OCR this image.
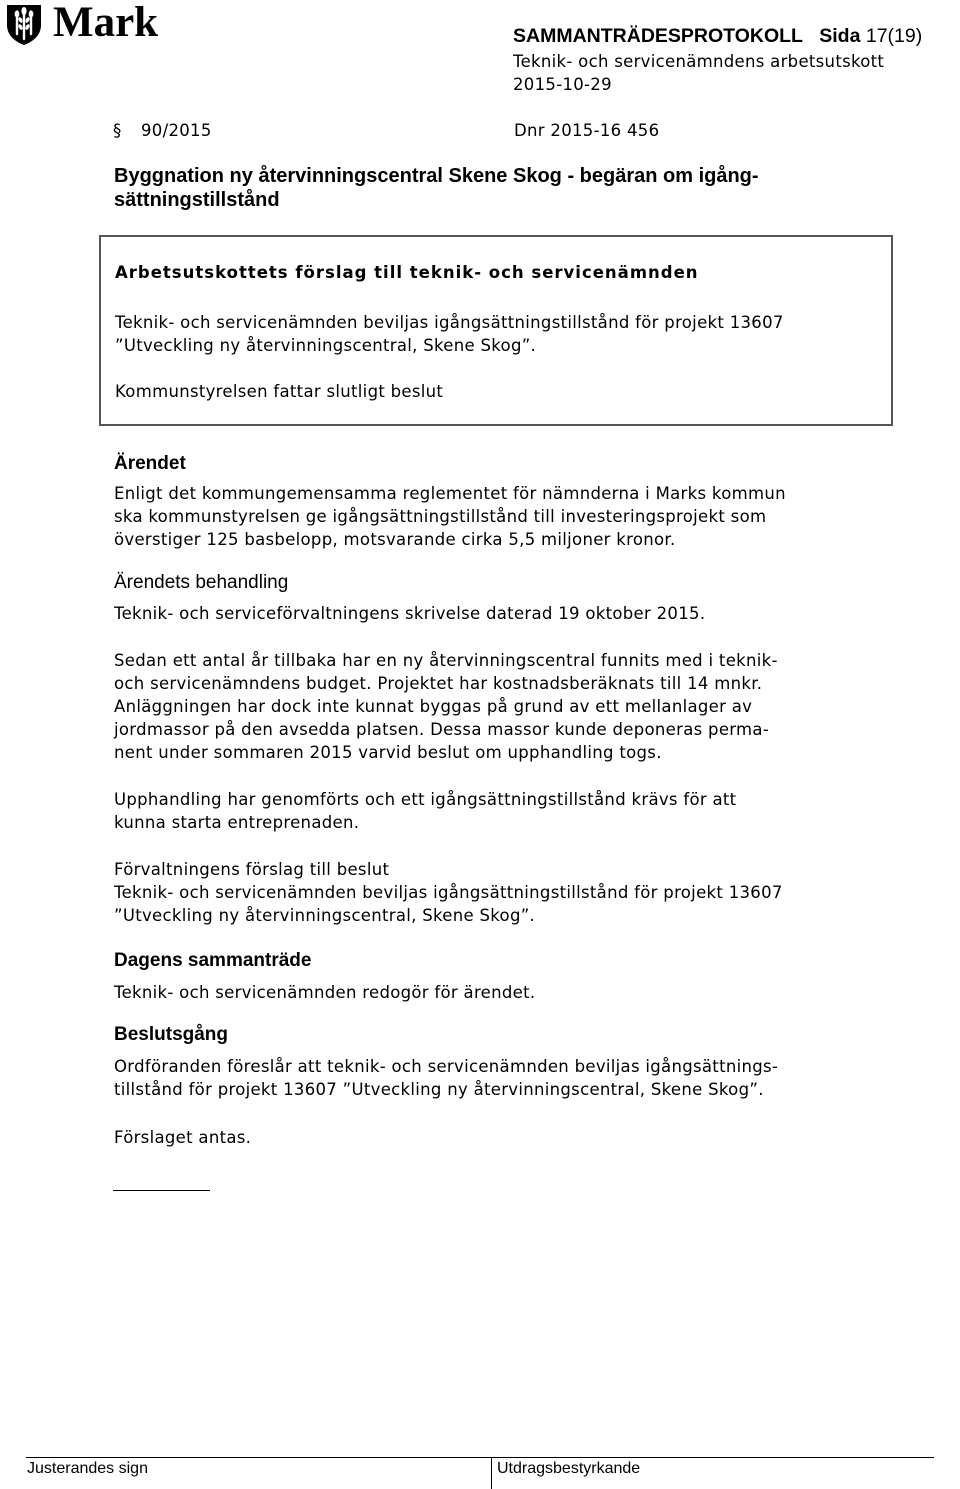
Mark	SAMMANTRÄDESPROTOKOLL Sida 17(19)
Teknik- och servicenämndens arbetsutskott
2015-10-29
§ 90/2015	Dnr 2015-16 456

Byggnation ny återvinningscentral Skene Skog - begäran om igång-

sättningstillstånd

Arbetsutskottets förslag till teknik- och servicenämnden

Teknik- och servicenämnden beviljas igångsättningstillstånd för projekt 13607

”Utveckling ny återvinningscentral, Skene Skog”.

Kommunstyrelsen fattar slutligt beslut
Ärendet

Enligt det kommungemensamma reglementet för nämnderna i Marks kommun

ska kommunstyrelsen ge igångsättningstillstånd till investeringsprojekt som

överstiger 125 basbelopp, motsvarande cirka 5,5 miljoner kronor.

Ärendets behandling
Teknik- och serviceförvaltningens skrivelse daterad 19 oktober 2015.

Sedan ett antal år tillbaka har en ny återvinningscentral funnits med i teknik-

och servicenämndens budget. Projektet har kostnadsberäknats till 14 mnkr.

Anläggningen har dock inte kunnat byggas på grund av ett mellanlager av

jordmassor på den avsedda platsen. Dessa massor kunde deponeras perma-

nent under sommaren 2015 varvid beslut om upphandling togs.

Upphandling har genomförts och ett igångsättningstillstånd krävs för att

kunna starta entreprenaden.

Förvaltningens förslag till beslut

Teknik- och servicenämnden beviljas igångsättningstillstånd för projekt 13607

”Utveckling ny återvinningscentral, Skene Skog”.

Dagens sammanträde
Teknik- och servicenämnden redogör för ärendet.
Beslutsgång

Ordföranden föreslår att teknik- och servicenämnden beviljas igångsättnings-

tillstånd för projekt 13607 ”Utveckling ny återvinningscentral, Skene Skog”.

Förslaget antas.
Justerandes sign	Utdragsbestyrkande
